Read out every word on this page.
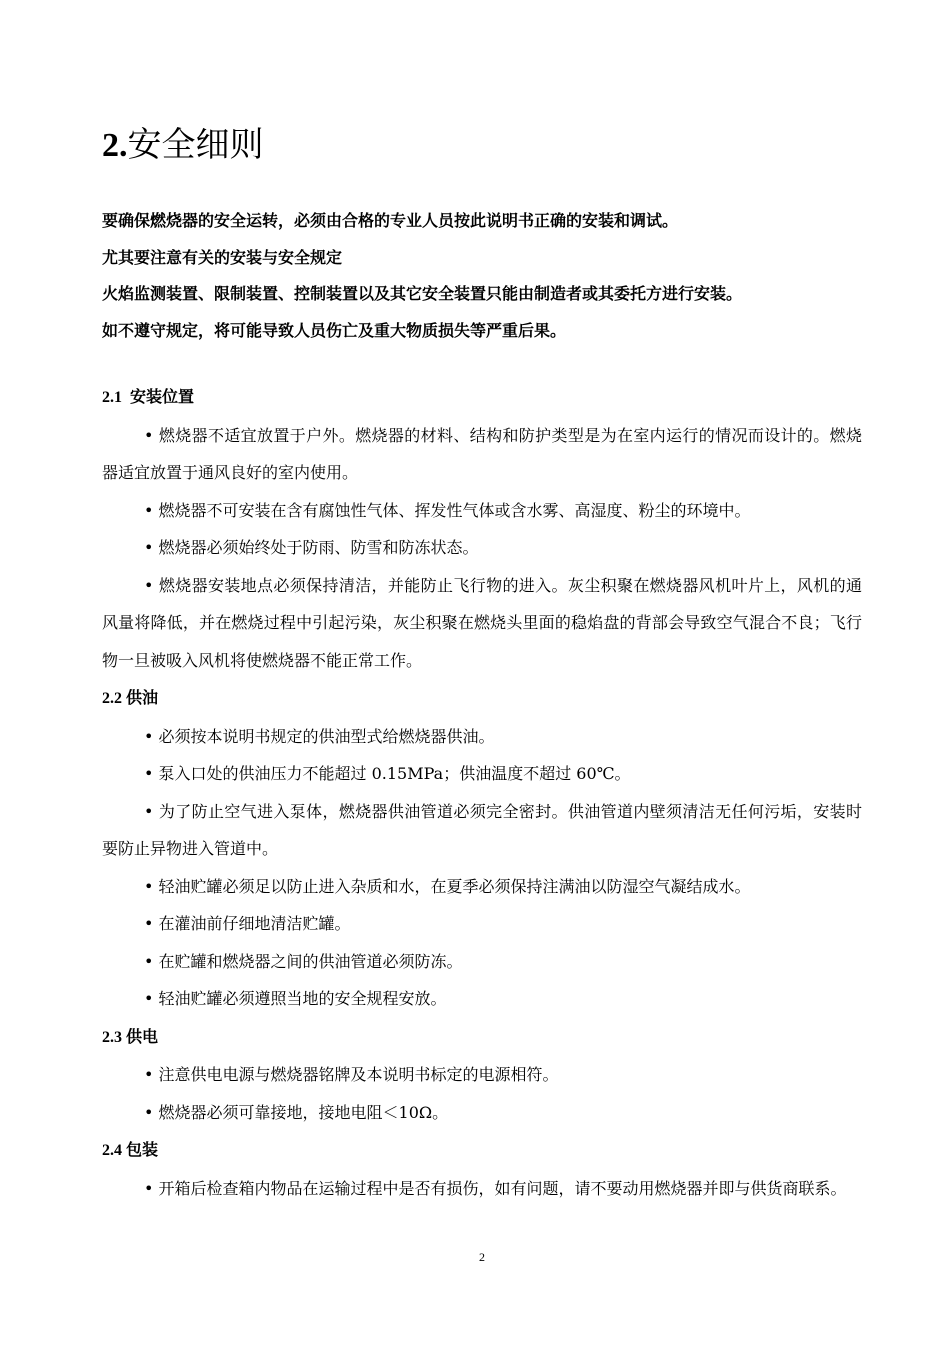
2.安全细则

要确保燃烧器的安全运转，必须由合格的专业人员按此说明书正确的安装和调试。

尤其要注意有关的安装与安全规定

火焰监测装置、限制装置、控制装置以及其它安全装置只能由制造者或其委托方进行安装。

如不遵守规定，将可能导致人员伤亡及重大物质损失等严重后果。

2.1 安装位置

• 燃烧器不适宜放置于户外。燃烧器的材料、结构和防护类型是为在室内运行的情况而设计的。燃烧器适宜放置于通风良好的室内使用。

• 燃烧器不可安装在含有腐蚀性气体、挥发性气体或含水雾、高湿度、粉尘的环境中。

• 燃烧器必须始终处于防雨、防雪和防冻状态。

• 燃烧器安装地点必须保持清洁，并能防止飞行物的进入。灰尘积聚在燃烧器风机叶片上，风机的通风量将降低，并在燃烧过程中引起污染，灰尘积聚在燃烧头里面的稳焰盘的背部会导致空气混合不良；飞行物一旦被吸入风机将使燃烧器不能正常工作。

2.2 供油

• 必须按本说明书规定的供油型式给燃烧器供油。

• 泵入口处的供油压力不能超过 0.15MPa；供油温度不超过 60℃。

• 为了防止空气进入泵体，燃烧器供油管道必须完全密封。供油管道内壁须清洁无任何污垢，安装时要防止异物进入管道中。

• 轻油贮罐必须足以防止进入杂质和水，在夏季必须保持注满油以防湿空气凝结成水。

• 在灌油前仔细地清洁贮罐。

• 在贮罐和燃烧器之间的供油管道必须防冻。

• 轻油贮罐必须遵照当地的安全规程安放。

2.3 供电

• 注意供电电源与燃烧器铭牌及本说明书标定的电源相符。

• 燃烧器必须可靠接地，接地电阻＜10Ω。

2.4 包装

• 开箱后检查箱内物品在运输过程中是否有损伤，如有问题，请不要动用燃烧器并即与供货商联系。

2
